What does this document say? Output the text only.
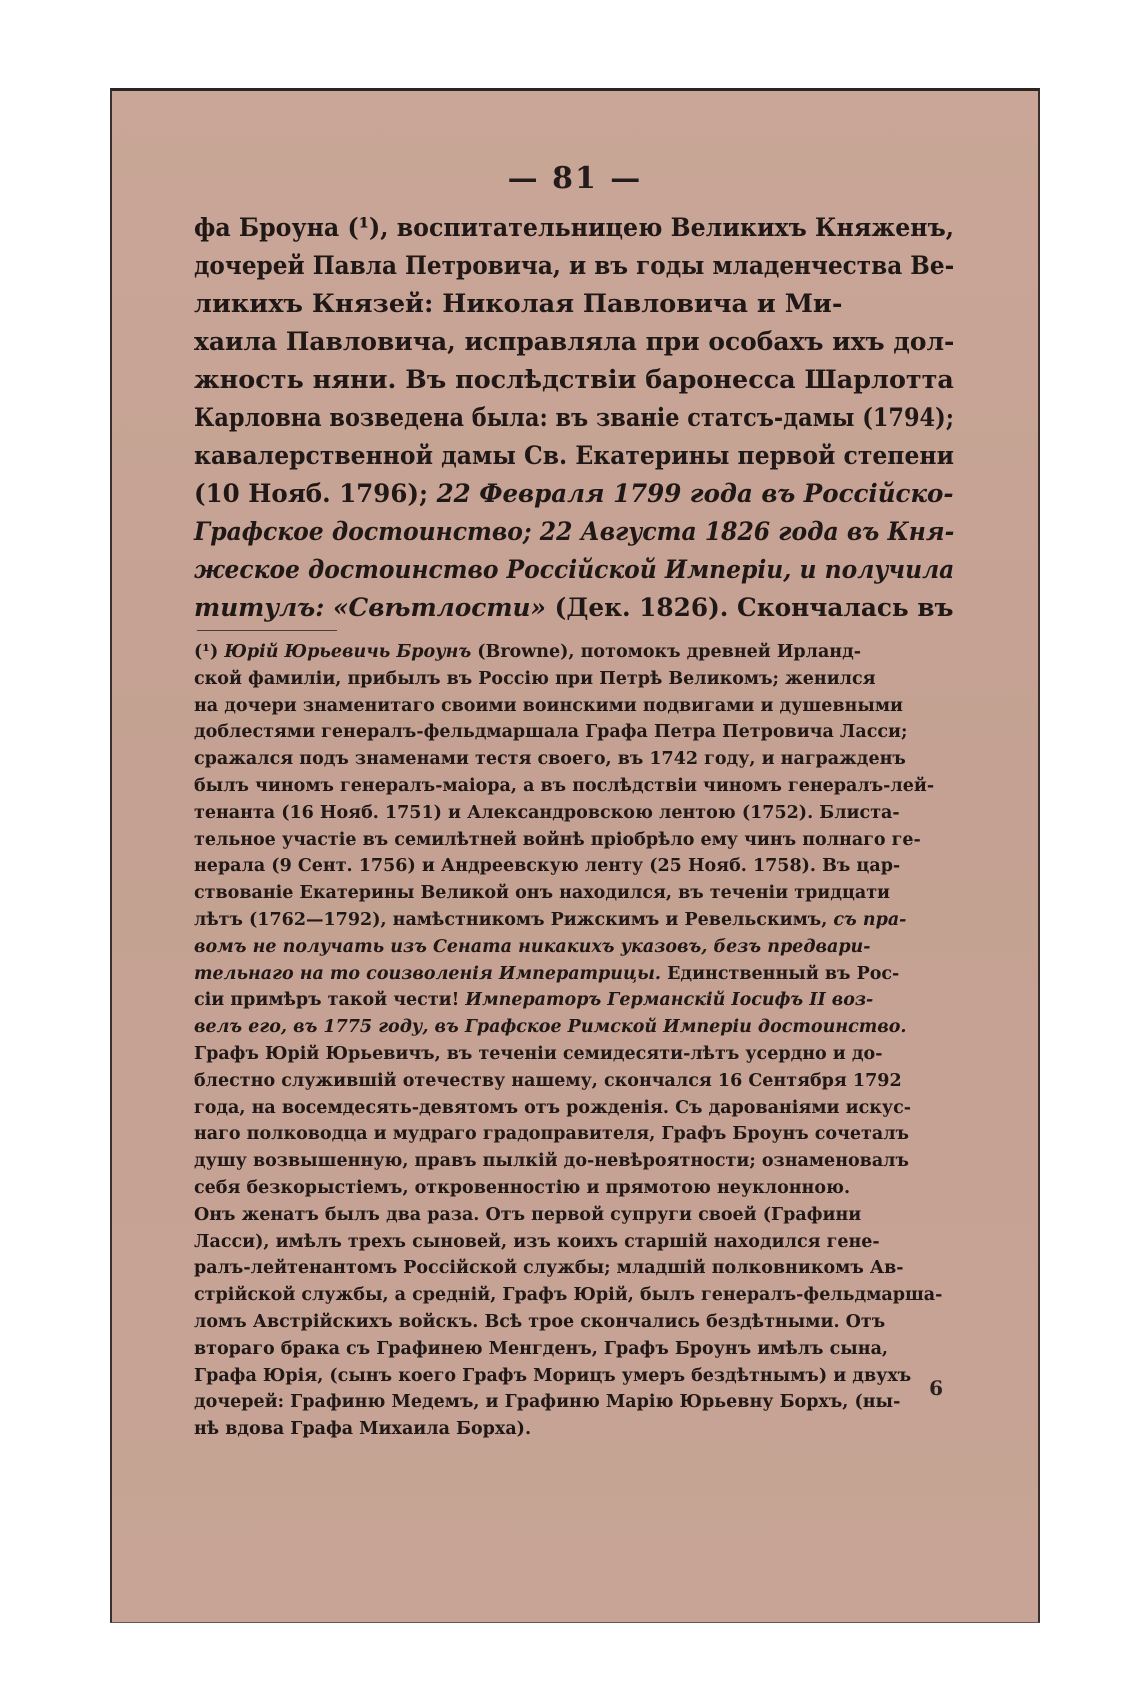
— 81 —
фа Броуна (¹), воспитательницею Великихъ Княженъ,
дочерей Павла Петровича, и въ годы младенчества Ве-
ликихъ Князей: Николая Павловича и Ми-
хаила Павловича, исправляла при особахъ ихъ дол-
жность няни. Въ послѣдствіи баронесса Шарлотта
Карловна возведена была: въ званіе статсъ-дамы (1794);
кавалерственной дамы Св. Екатерины первой степени
(10 Нояб. 1796); 22 Февраля 1799 года въ Россійско-
Графское достоинство; 22 Августа 1826 года въ Кня-
жеское достоинство Россійской Имперіи, и получила
титулъ: «Свѣтлости» (Дек. 1826). Скончалась въ
(¹) Юрій Юрьевичь Броунъ (Browne), потомокъ древней Ирланд-
ской фамиліи, прибылъ въ Россію при Петрѣ Великомъ; женился
на дочери знаменитаго своими воинскими подвигами и душевными
доблестями генералъ-фельдмаршала Графа Петра Петровича Ласси;
сражался подъ знаменами тестя своего, въ 1742 году, и награжденъ
былъ чиномъ генералъ-маіора, а въ послѣдствіи чиномъ генералъ-лей-
тенанта (16 Нояб. 1751) и Александровскою лентою (1752). Блиста-
тельное участіе въ семилѣтней войнѣ пріобрѣло ему чинъ полнаго ге-
нерала (9 Сент. 1756) и Андреевскую ленту (25 Нояб. 1758). Въ цар-
ствованіе Екатерины Великой онъ находился, въ теченіи тридцати
лѣтъ (1762—1792), намѣстникомъ Рижскимъ и Ревельскимъ, съ пра-
вомъ не получать изъ Сената никакихъ указовъ, безъ предвари-
тельнаго на то соизволенія Императрицы. Единственный въ Рос-
сіи примѣръ такой чести! Императоръ Германскій Іосифъ II воз-
велъ его, въ 1775 году, въ Графское Римской Имперіи достоинство.
Графъ Юрій Юрьевичъ, въ теченіи семидесяти-лѣтъ усердно и до-
блестно служившій отечеству нашему, скончался 16 Сентября 1792
года, на восемдесять-девятомъ отъ рожденія. Съ дарованіями искус-
наго полководца и мудраго градоправителя, Графъ Броунъ сочеталъ
душу возвышенную, правъ пылкій до-невѣроятности; ознаменовалъ
себя безкорыстіемъ, откровенностію и прямотою неуклонною.
Онъ женатъ былъ два раза. Отъ первой супруги своей (Графини
Ласси), имѣлъ трехъ сыновей, изъ коихъ старшій находился гене-
ралъ-лейтенантомъ Россійской службы; младшій полковникомъ Ав-
стрійской службы, а средній, Графъ Юрій, былъ генералъ-фельдмарша-
ломъ Австрійскихъ войскъ. Всѣ трое скончались бездѣтными. Отъ
втораго брака съ Графинею Менгденъ, Графъ Броунъ имѣлъ сына,
Графа Юрія, (сынъ коего Графъ Морицъ умеръ бездѣтнымъ) и двухъ
дочерей: Графиню Медемъ, и Графиню Марію Юрьевну Борхъ, (ны-
нѣ вдова Графа Михаила Борха).
6
